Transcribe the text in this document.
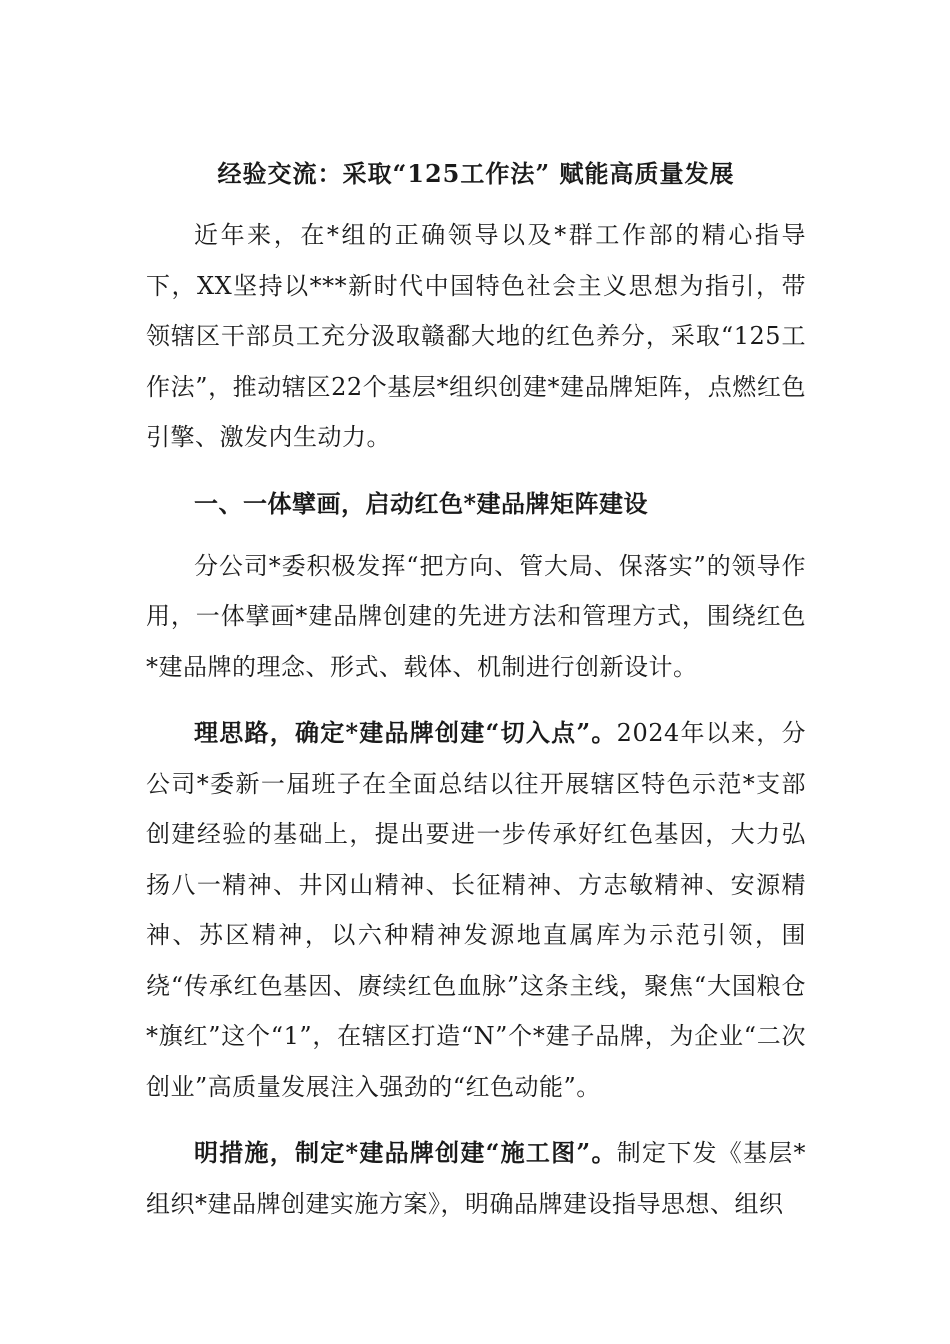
经验交流：采取“125工作法” 赋能高质量发展

近年来，在*组的正确领导以及*群工作部的精心指导下，XX坚持以***新时代中国特色社会主义思想为指引，带领辖区干部员工充分汲取赣鄱大地的红色养分，采取“125工作法”，推动辖区22个基层*组织创建*建品牌矩阵，点燃红色引擎、激发内生动力。

一、一体擘画，启动红色*建品牌矩阵建设

分公司*委积极发挥“把方向、管大局、保落实”的领导作用，一体擘画*建品牌创建的先进方法和管理方式，围绕红色*建品牌的理念、形式、载体、机制进行创新设计。

理思路，确定*建品牌创建“切入点”。2024年以来，分公司*委新一届班子在全面总结以往开展辖区特色示范*支部创建经验的基础上，提出要进一步传承好红色基因，大力弘扬八一精神、井冈山精神、长征精神、方志敏精神、安源精神、苏区精神，以六种精神发源地直属库为示范引领，围绕“传承红色基因、赓续红色血脉”这条主线，聚焦“大国粮仓*旗红”这个“1”，在辖区打造“N”个*建子品牌，为企业“二次创业”高质量发展注入强劲的“红色动能”。

明措施，制定*建品牌创建“施工图”。制定下发《基层*组织*建品牌创建实施方案》，明确品牌建设指导思想、组织
